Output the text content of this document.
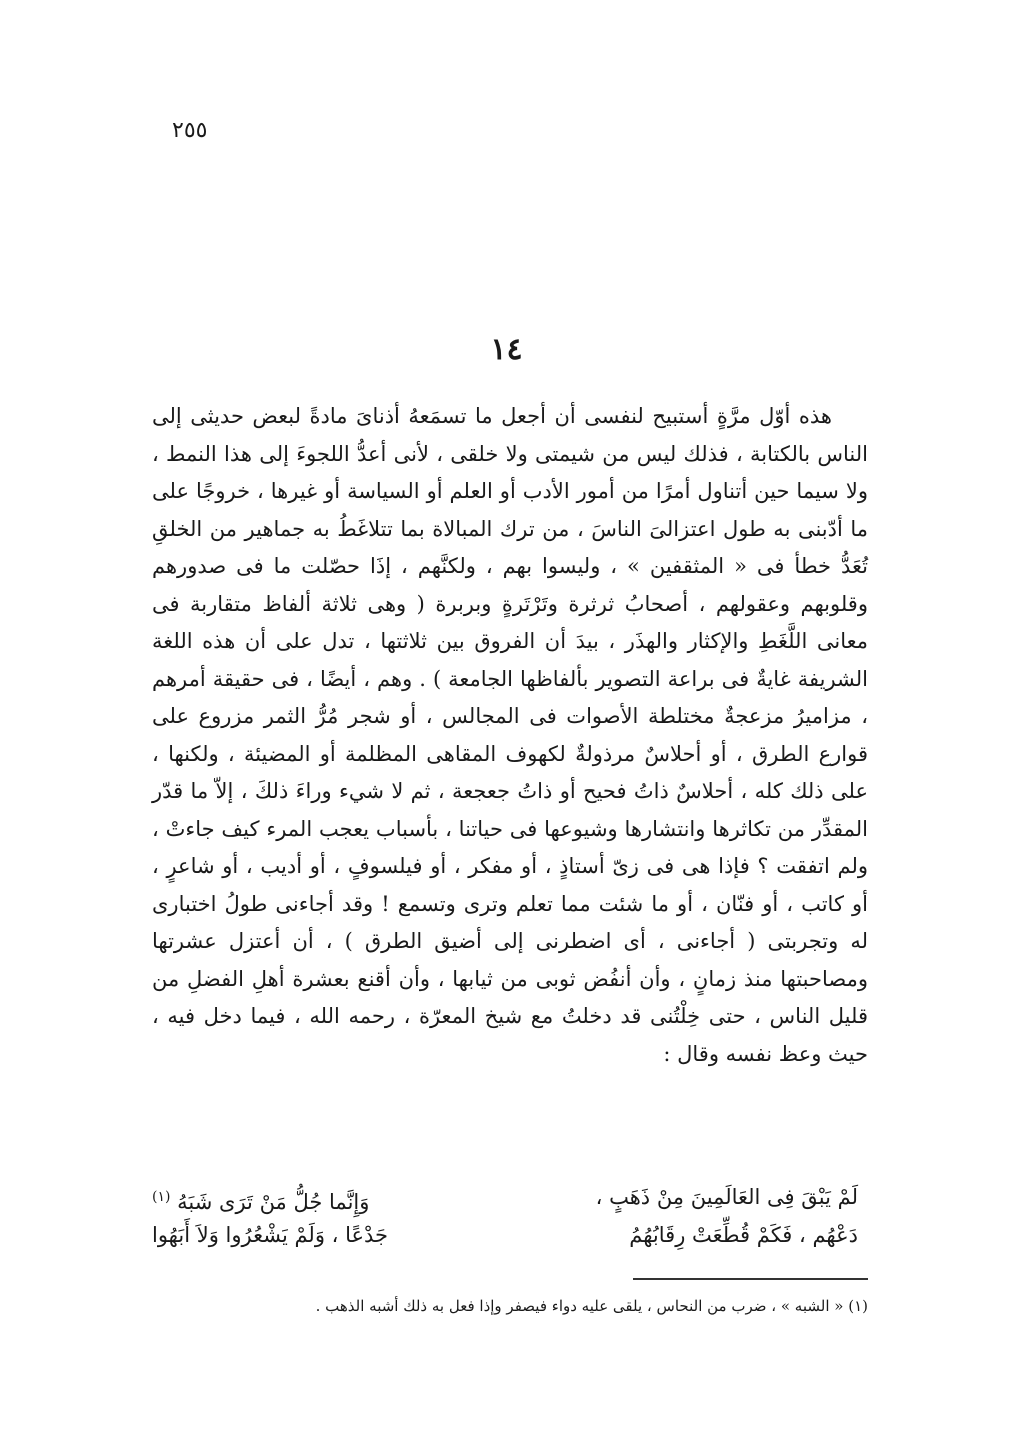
٢٥٥
١٤

هذه أوّل مرَّةٍ أستبيح لنفسى أن أجعل ما تسمَعهُ أذنایَ مادةً لبعض حديثى إلى الناس بالكتابة ، فذلك ليس من شيمتى ولا خلقى ، لأنى أعدُّ اللجوءَ إلى هذا النمط ، ولا سيما حين أتناول أمرًا من أمور الأدب أو العلم أو السياسة أو غيرها ، خروجًا على ما أدّبنى به طول اعتزالىَ الناسَ ، من ترك المبالاة بما تتلاغَطُ به جماهير من الخلقِ تُعَدُّ خطأ فى « المثقفين » ، وليسوا بهم ، ولكنَّهم ، إذَا حصّلت ما فى صدورهم وقلوبهم وعقولهم ، أصحابُ ثرثرة وتَرْتَرةٍ وبربرة ( وهى ثلاثة ألفاظ متقاربة فى معانى اللَّغَطِ والإكثار والهذَر ، بيدَ أن الفروق بين ثلاثتها ، تدل على أن هذه اللغة الشريفة غايةٌ فى براعة التصوير بألفاظها الجامعة ) . وهم ، أيضًا ، فى حقيقة أمرهم ، مزاميرُ مزعجةٌ مختلطة الأصوات فى المجالس ، أو شجر مُرُّ الثمر مزروع على قوارع الطرق ، أو أحلاسٌ مرذولةٌ لكهوف المقاهى المظلمة أو المضيئة ، ولكنها ، على ذلك كله ، أحلاسٌ ذاتُ فحيح أو ذاتُ جعجعة ، ثم لا شيء وراءَ ذلكَ ، إلاّ ما قدّر المقدِّر من تكاثرها وانتشارها وشيوعها فى حياتنا ، بأسباب يعجب المرء كيف جاءتْ ، ولم اتفقت ؟ فإذا هى فى زىّ أستاذٍ ، أو مفكر ، أو فيلسوفٍ ، أو أديب ، أو شاعرٍ ، أو كاتب ، أو فنّان ، أو ما شئت مما تعلم وترى وتسمع ! وقد أجاءنى طولُ اختبارى له وتجربتى ( أجاءنى ، أى اضطرنى إلى أضيق الطرق ) ، أن أعتزل عشرتها ومصاحبتها منذ زمانٍ ، وأن أنفُض ثوبى من ثيابها ، وأن أقنع بعشرة أهلِ الفضلِ من قليل الناس ، حتى خِلْتُنى قد دخلتُ مع شيخ المعرّة ، رحمه الله ، فيما دخل فيه ، حيث وعظ نفسه وقال :

لَمْ يَبْقَ فِى العَالَمِينَ مِنْ ذَهَبٍ ،
وَإِنَّما جُلُّ مَنْ تَرَى شَبَهُ $^{(١)}$
دَعْهُم ، فَكَمْ قُطِّعَتْ رِقَابُهُمُ
جَدْعًا ، وَلَمْ يَشْعُرُوا وَلاَ أَبَهُوا
(١) « الشبه » ، ضرب من النحاس ، يلقى عليه دواء فيصفر وإذا فعل به ذلك أشبه الذهب .
